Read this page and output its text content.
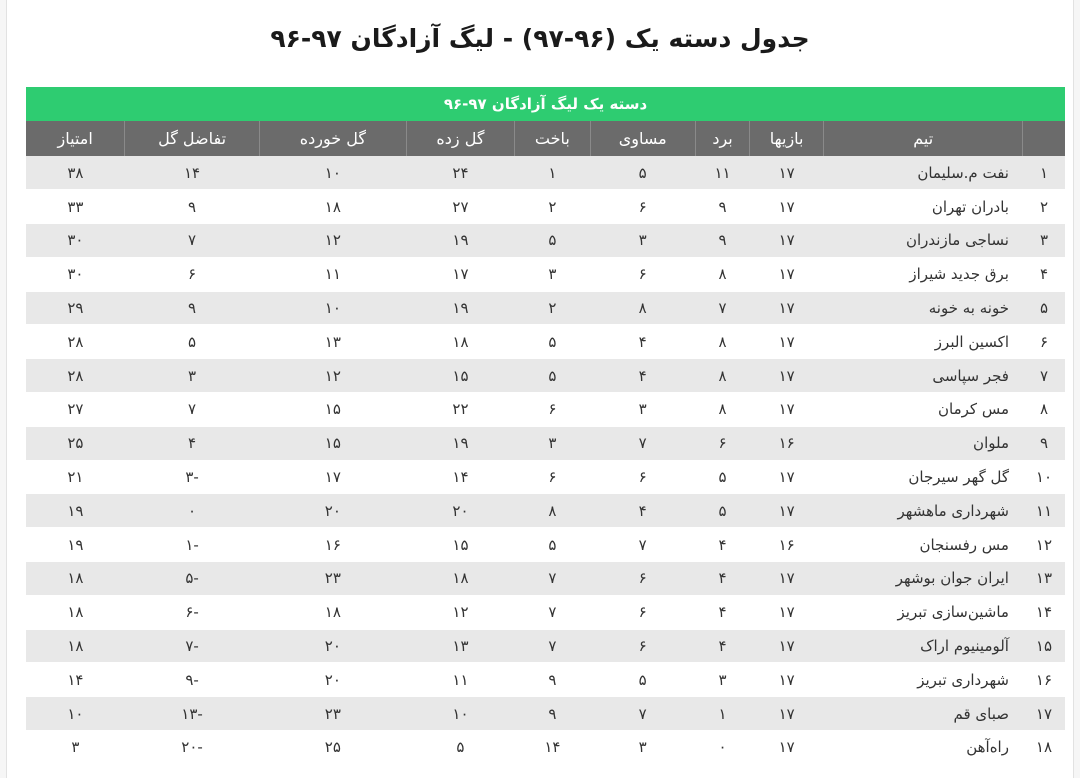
جدول دسته یک (۹۶-۹۷) - لیگ آزادگان ۹۷-۹۶
دسته یک لیگ آزادگان ۹۷-۹۶
	تیم	بازیها	برد	مساوی	باخت	گل زده	گل خورده	تفاضل گل	امتیاز
۱	نفت م.سلیمان	۱۷	۱۱	۵	۱	۲۴	۱۰	۱۴	۳۸
۲	بادران تهران	۱۷	۹	۶	۲	۲۷	۱۸	۹	۳۳
۳	نساجی مازندران	۱۷	۹	۳	۵	۱۹	۱۲	۷	۳۰
۴	برق جدید شیراز	۱۷	۸	۶	۳	۱۷	۱۱	۶	۳۰
۵	خونه به خونه	۱۷	۷	۸	۲	۱۹	۱۰	۹	۲۹
۶	اکسین البرز	۱۷	۸	۴	۵	۱۸	۱۳	۵	۲۸
۷	فجر سپاسی	۱۷	۸	۴	۵	۱۵	۱۲	۳	۲۸
۸	مس کرمان	۱۷	۸	۳	۶	۲۲	۱۵	۷	۲۷
۹	ملوان	۱۶	۶	۷	۳	۱۹	۱۵	۴	۲۵
۱۰	گل گهر سیرجان	۱۷	۵	۶	۶	۱۴	۱۷	-۳	۲۱
۱۱	شهرداری ماهشهر	۱۷	۵	۴	۸	۲۰	۲۰	۰	۱۹
۱۲	مس رفسنجان	۱۶	۴	۷	۵	۱۵	۱۶	-۱	۱۹
۱۳	ایران جوان بوشهر	۱۷	۴	۶	۷	۱۸	۲۳	-۵	۱۸
۱۴	ماشین‌سازی تبریز	۱۷	۴	۶	۷	۱۲	۱۸	-۶	۱۸
۱۵	آلومینیوم اراک	۱۷	۴	۶	۷	۱۳	۲۰	-۷	۱۸
۱۶	شهرداری تبریز	۱۷	۳	۵	۹	۱۱	۲۰	-۹	۱۴
۱۷	صبای قم	۱۷	۱	۷	۹	۱۰	۲۳	-۱۳	۱۰
۱۸	راه‌آهن	۱۷	۰	۳	۱۴	۵	۲۵	-۲۰	۳
